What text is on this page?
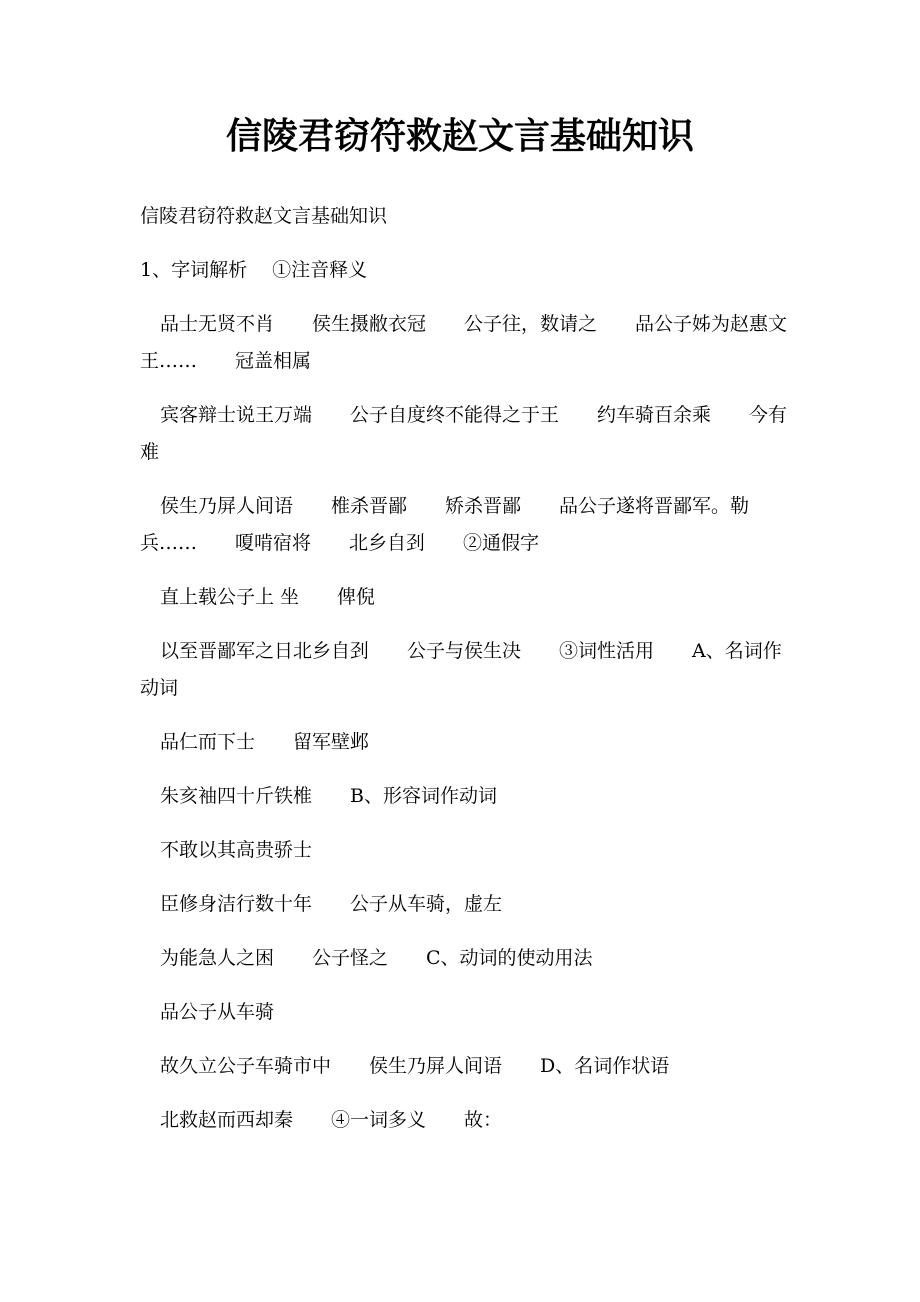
信陵君窃符救赵文言基础知识

信陵君窃符救赵文言基础知识

1、字词解析　 ①注音释义

品士无贤不肖　　侯生摄敝衣冠　　公子往，数请之　　品公子姊为赵惠文王……　　冠盖相属

宾客辩士说王万端　　公子自度终不能得之于王　　约车骑百余乘　　今有难

侯生乃屏人间语　　椎杀晋鄙　　矫杀晋鄙　　品公子遂将晋鄙军。勒兵……　　嗄啃宿将　　北乡自刭　　②通假字

直上载公子上 坐　　俾倪

以至晋鄙军之日北乡自刭　　公子与侯生决　　③词性活用　　A、名词作动词

品仁而下士　　留军壁邺

朱亥袖四十斤铁椎　　B、形容词作动词

不敢以其高贵骄士

臣修身洁行数十年　　公子从车骑，虚左

为能急人之困　　公子怪之　　C、动词的使动用法

品公子从车骑

故久立公子车骑市中　　侯生乃屏人间语　　D、名词作状语

北救赵而西却秦　　④一词多义　　故：
